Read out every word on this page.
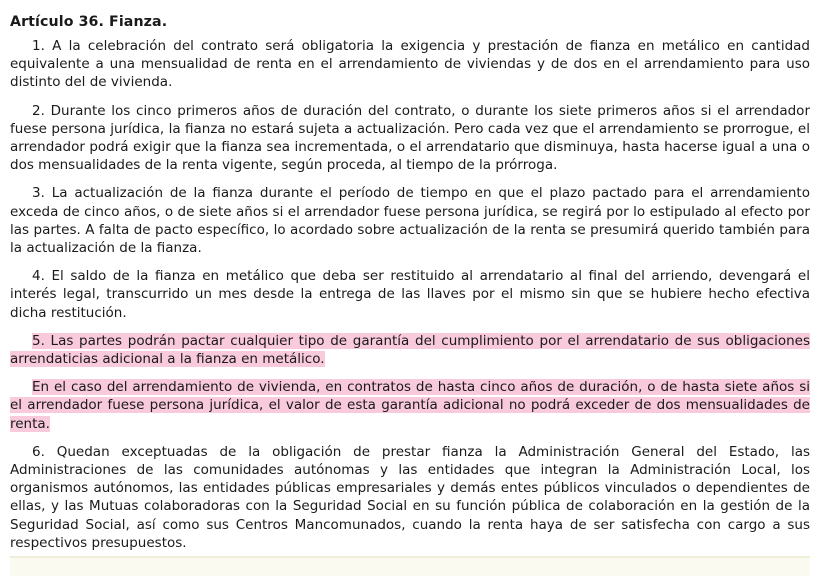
Artículo 36. Fianza.

1. A la celebración del contrato será obligatoria la exigencia y prestación de fianza en metálico en cantidad equivalente a una mensualidad de renta en el arrendamiento de viviendas y de dos en el arrendamiento para uso distinto del de vivienda.

2. Durante los cinco primeros años de duración del contrato, o durante los siete primeros años si el arrendador fuese persona jurídica, la fianza no estará sujeta a actualización. Pero cada vez que el arrendamiento se prorrogue, el arrendador podrá exigir que la fianza sea incrementada, o el arrendatario que disminuya, hasta hacerse igual a una o dos mensualidades de la renta vigente, según proceda, al tiempo de la prórroga.

3. La actualización de la fianza durante el período de tiempo en que el plazo pactado para el arrendamiento exceda de cinco años, o de siete años si el arrendador fuese persona jurídica, se regirá por lo estipulado al efecto por las partes. A falta de pacto específico, lo acordado sobre actualización de la renta se presumirá querido también para la actualización de la fianza.

4. El saldo de la fianza en metálico que deba ser restituido al arrendatario al final del arriendo, devengará el interés legal, transcurrido un mes desde la entrega de las llaves por el mismo sin que se hubiere hecho efectiva dicha restitución.

5. Las partes podrán pactar cualquier tipo de garantía del cumplimiento por el arrendatario de sus obligaciones arrendaticias adicional a la fianza en metálico.

En el caso del arrendamiento de vivienda, en contratos de hasta cinco años de duración, o de hasta siete años si el arrendador fuese persona jurídica, el valor de esta garantía adicional no podrá exceder de dos mensualidades de renta.

6. Quedan exceptuadas de la obligación de prestar fianza la Administración General del Estado, las Administraciones de las comunidades autónomas y las entidades que integran la Administración Local, los organismos autónomos, las entidades públicas empresariales y demás entes públicos vinculados o dependientes de ellas, y las Mutuas colaboradoras con la Seguridad Social en su función pública de colaboración en la gestión de la Seguridad Social, así como sus Centros Mancomunados, cuando la renta haya de ser satisfecha con cargo a sus respectivos presupuestos.
